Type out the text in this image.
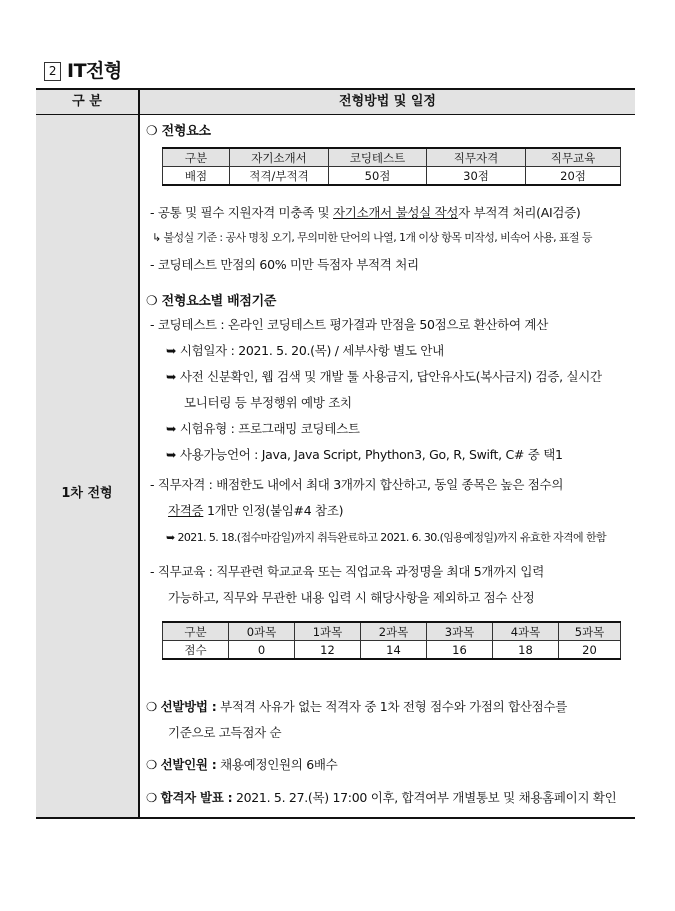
2 IT전형
1차 전형
구 분	전형방법 및 일정
❍ 전형요소
구분	자기소개서	코딩테스트	직무자격	직무교육
배점	적격/부적격	50점	30점	20점
- 공통 및 필수 지원자격 미충족 및 자기소개서 불성실 작성자 부적격 처리(AI검증)
↳ 불성실 기준 : 공사 명칭 오기, 무의미한 단어의 나열, 1개 이상 항목 미작성, 비속어 사용, 표절 등
- 코딩테스트 만점의 60% 미만 득점자 부적격 처리
❍ 전형요소별 배점기준
- 코딩테스트 : 온라인 코딩테스트 평가결과 만점을 50점으로 환산하여 계산
➥ 시험일자 : 2021. 5. 20.(목) / 세부사항 별도 안내
➥ 사전 신분확인, 웹 검색 및 개발 툴 사용금지, 답안유사도(복사금지) 검증, 실시간
모니터링 등 부정행위 예방 조치
➥ 시험유형 : 프로그래밍 코딩테스트
➥ 사용가능언어 : Java, Java Script, Phython3, Go, R, Swift, C# 중 택1
- 직무자격 : 배점한도 내에서 최대 3개까지 합산하고, 동일 종목은 높은 점수의
자격증 1개만 인정(붙임#4 참조)
➥ 2021. 5. 18.(접수마감일)까지 취득완료하고 2021. 6. 30.(임용예정일)까지 유효한 자격에 한함
- 직무교육 : 직무관련 학교교육 또는 직업교육 과정명을 최대 5개까지 입력
가능하고, 직무와 무관한 내용 입력 시 해당사항을 제외하고 점수 산정
구분	0과목	1과목	2과목	3과목	4과목	5과목
점수	0	12	14	16	18	20
❍ 선발방법 : 부적격 사유가 없는 적격자 중 1차 전형 점수와 가점의 합산점수를
기준으로 고득점자 순
❍ 선발인원 : 채용예정인원의 6배수
❍ 합격자 발표 : 2021. 5. 27.(목) 17:00 이후, 합격여부 개별통보 및 채용홈페이지 확인
